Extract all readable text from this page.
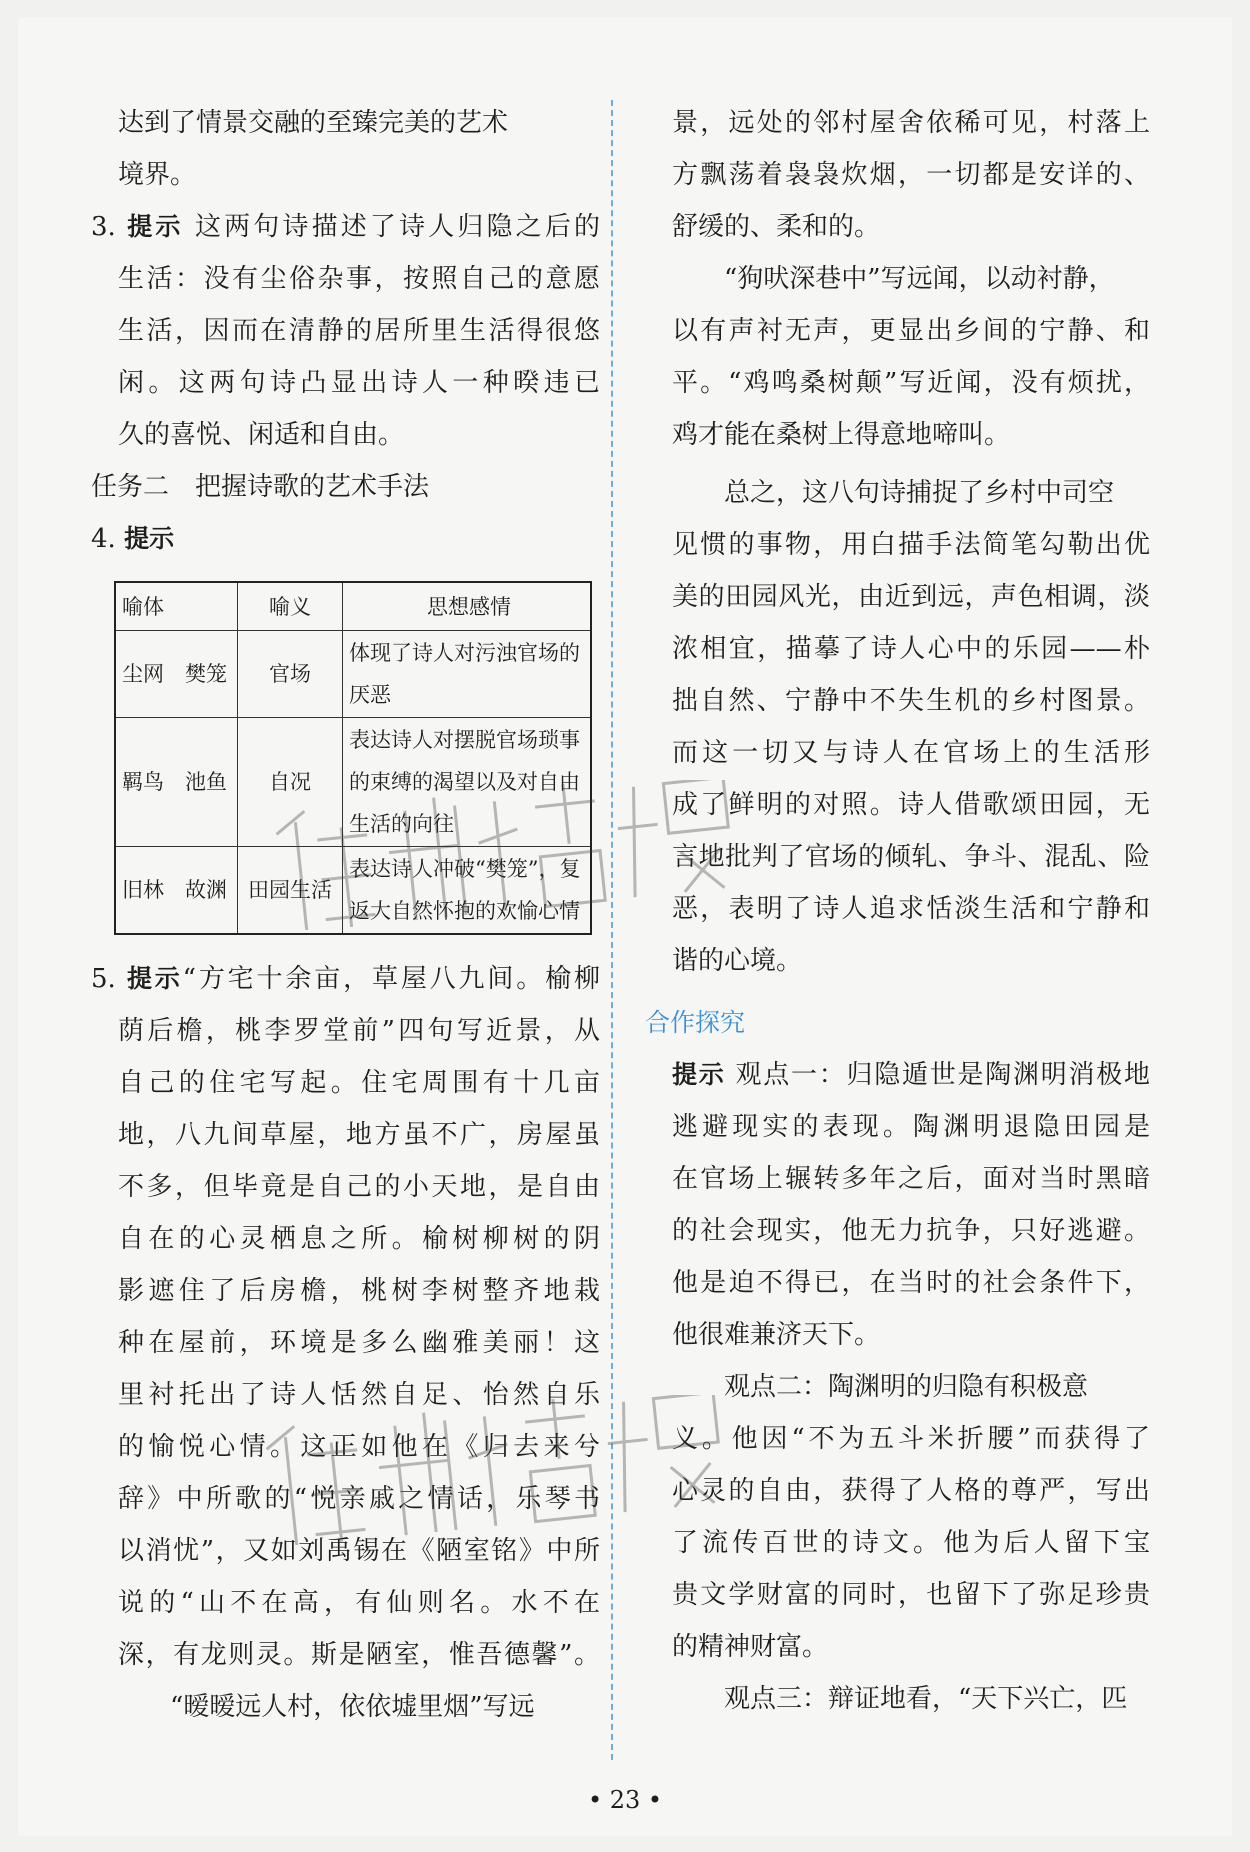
达到了情景交融的至臻完美的艺术
境界。
3. 提示 这两句诗描述了诗人归隐之后的
生活：没有尘俗杂事，按照自己的意愿
生活，因而在清静的居所里生活得很悠
闲。这两句诗凸显出诗人一种暌违已
久的喜悦、闲适和自由。
任务二　把握诗歌的艺术手法
4. 提示
喻体	喻义	思想感情
尘网　樊笼	官场	体现了诗人对污浊官场的厌恶
羁鸟　池鱼	自况	表达诗人对摆脱官场琐事的束缚的渴望以及对自由生活的向往
旧林　故渊	田园生活	表达诗人冲破“樊笼”，复返大自然怀抱的欢愉心情
5. 提示“方宅十余亩，草屋八九间。榆柳
荫后檐，桃李罗堂前”四句写近景，从
自己的住宅写起。住宅周围有十几亩
地，八九间草屋，地方虽不广，房屋虽
不多，但毕竟是自己的小天地，是自由
自在的心灵栖息之所。榆树柳树的阴
影遮住了后房檐，桃树李树整齐地栽
种在屋前，环境是多么幽雅美丽！这
里衬托出了诗人恬然自足、怡然自乐
的愉悦心情。这正如他在《归去来兮
辞》中所歌的“悦亲戚之情话，乐琴书
以消忧”，又如刘禹锡在《陋室铭》中所
说的“山不在高，有仙则名。水不在
深，有龙则灵。斯是陋室，惟吾德馨”。
“暧暧远人村，依依墟里烟”写远
景，远处的邻村屋舍依稀可见，村落上
方飘荡着袅袅炊烟，一切都是安详的、
舒缓的、柔和的。
“狗吠深巷中”写远闻，以动衬静，
以有声衬无声，更显出乡间的宁静、和
平。“鸡鸣桑树颠”写近闻，没有烦扰，
鸡才能在桑树上得意地啼叫。
总之，这八句诗捕捉了乡村中司空
见惯的事物，用白描手法简笔勾勒出优
美的田园风光，由近到远，声色相调，淡
浓相宜，描摹了诗人心中的乐园——朴
拙自然、宁静中不失生机的乡村图景。
而这一切又与诗人在官场上的生活形
成了鲜明的对照。诗人借歌颂田园，无
言地批判了官场的倾轧、争斗、混乱、险
恶，表明了诗人追求恬淡生活和宁静和
谐的心境。
合作探究
提示 观点一：归隐遁世是陶渊明消极地
逃避现实的表现。陶渊明退隐田园是
在官场上辗转多年之后，面对当时黑暗
的社会现实，他无力抗争，只好逃避。
他是迫不得已，在当时的社会条件下，
他很难兼济天下。
观点二：陶渊明的归隐有积极意
义。他因“不为五斗米折腰”而获得了
心灵的自由，获得了人格的尊严，写出
了流传百世的诗文。他为后人留下宝
贵文学财富的同时，也留下了弥足珍贵
的精神财富。
观点三：辩证地看，“天下兴亡，匹
• 23 •
